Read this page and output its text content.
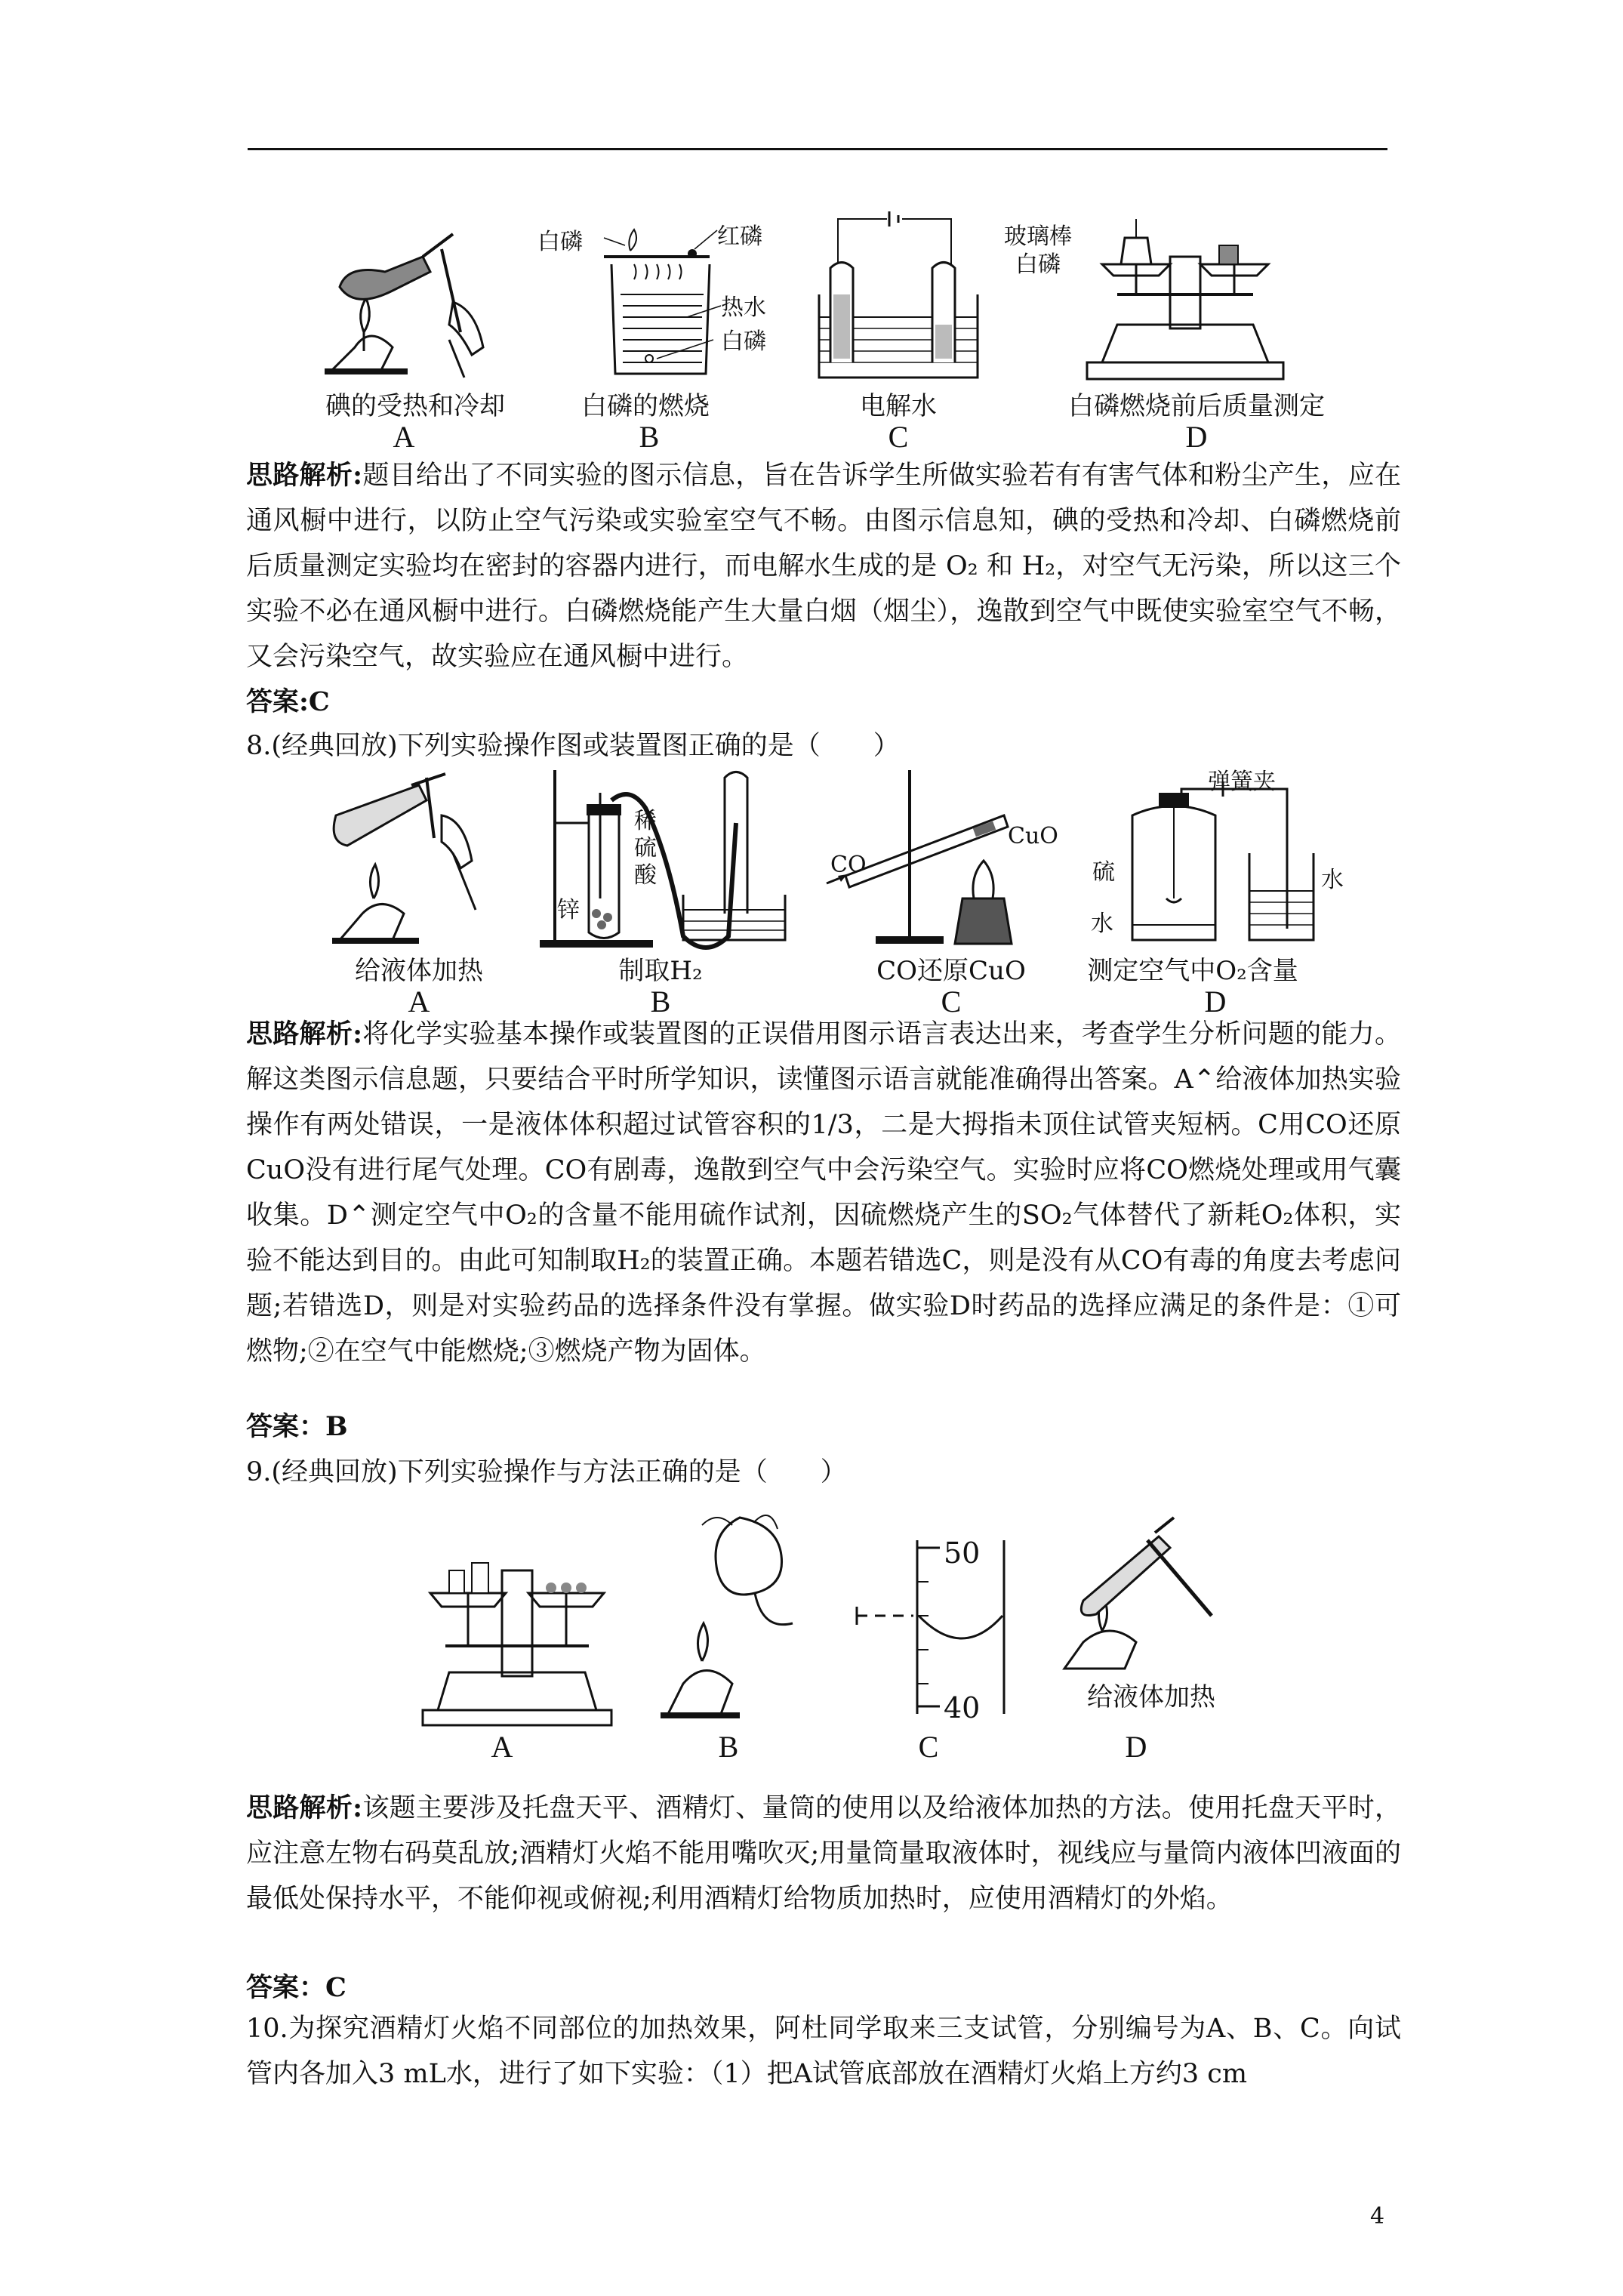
碘的受热和冷却
A
白磷	红磷
热水
白磷
白磷的燃烧
B
电解水
C
玻璃棒
白磷
白磷燃烧前后质量测定
D

思路解析:题目给出了不同实验的图示信息，旨在告诉学生所做实验若有有害气体和粉尘产生，应在通风橱中进行，以防止空气污染或实验室空气不畅。由图示信息知，碘的受热和冷却、白磷燃烧前后质量测定实验均在密封的容器内进行，而电解水生成的是 O₂ 和 H₂，对空气无污染，所以这三个实验不必在通风橱中进行。白磷燃烧能产生大量白烟（烟尘），逸散到空气中既使实验室空气不畅，又会污染空气，故实验应在通风橱中进行。

答案:C
8.(经典回放)下列实验操作图或装置图正确的是（　　）
给液体加热
A
锌
稀
硫
酸
制取H₂
B
CO
CuO
CO还原CuO
C
弹簧夹
硫
水
水
测定空气中O₂含量
D

思路解析:将化学实验基本操作或装置图的正误借用图示语言表达出来，考查学生分析问题的能力。解这类图示信息题，只要结合平时所学知识，读懂图示语言就能准确得出答案。A⌃给液体加热实验操作有两处错误，一是液体体积超过试管容积的1/3，二是大拇指未顶住试管夹短柄。C用CO还原CuO没有进行尾气处理。CO有剧毒，逸散到空气中会污染空气。实验时应将CO燃烧处理或用气囊收集。D⌃测定空气中O₂的含量不能用硫作试剂，因硫燃烧产生的SO₂气体替代了新耗O₂体积，实验不能达到目的。由此可知制取H₂的装置正确。本题若错选C，则是没有从CO有毒的角度去考虑问题;若错选D，则是对实验药品的选择条件没有掌握。做实验D时药品的选择应满足的条件是：①可燃物;②在空气中能燃烧;③燃烧产物为固体。

答案：B
9.(经典回放)下列实验操作与方法正确的是（　　）
A	B
50
40
C
给液体加热
D

思路解析:该题主要涉及托盘天平、酒精灯、量筒的使用以及给液体加热的方法。使用托盘天平时，应注意左物右码莫乱放;酒精灯火焰不能用嘴吹灭;用量筒量取液体时，视线应与量筒内液体凹液面的最低处保持水平，不能仰视或俯视;利用酒精灯给物质加热时，应使用酒精灯的外焰。

答案：C

10.为探究酒精灯火焰不同部位的加热效果，阿杜同学取来三支试管，分别编号为A、B、C。向试管内各加入3 mL水，进行了如下实验：（1）把A试管底部放在酒精灯火焰上方约3 cm

4
